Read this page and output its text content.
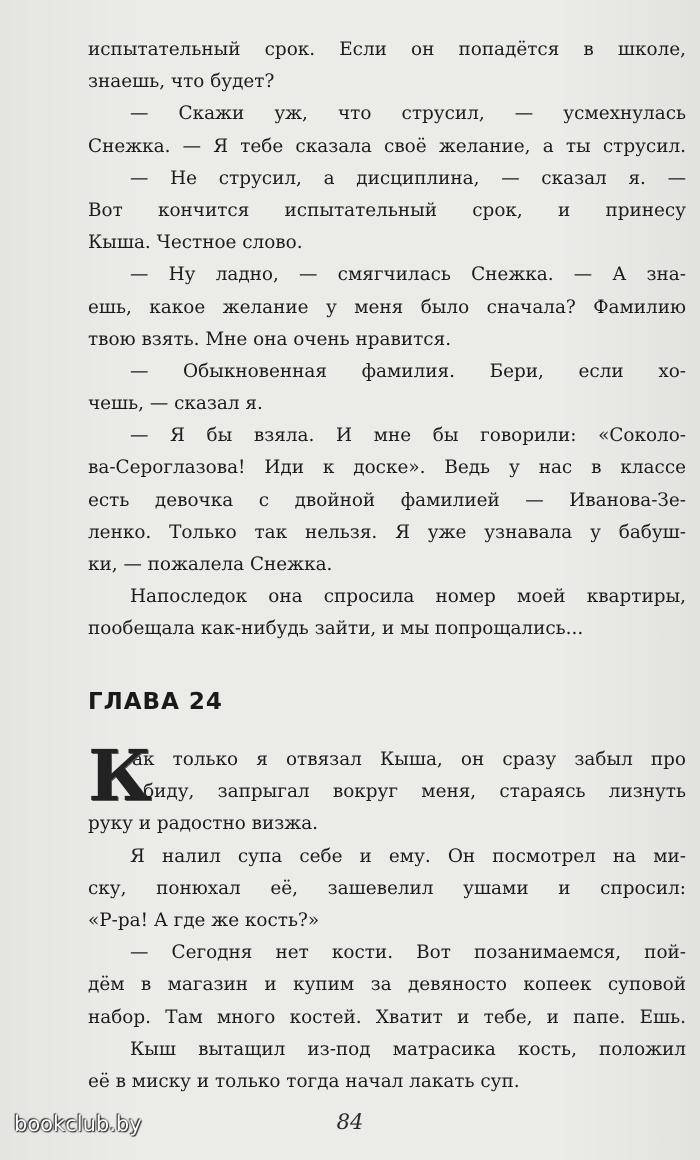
испытательный срок. Если он попадётся в школе,
знаешь, что будет?
— Скажи уж, что струсил, — усмехнулась
Снежка. — Я тебе сказала своё желание, а ты струсил.
— Не струсил, а дисциплина, — сказал я. —
Вот кончится испытательный срок, и принесу
Кыша. Честное слово.
— Ну ладно, — смягчилась Снежка. — А зна-
ешь, какое желание у меня было сначала? Фамилию
твою взять. Мне она очень нравится.
— Обыкновенная фамилия. Бери, если хо-
чешь, — сказал я.
— Я бы взяла. И мне бы говорили: «Соколо-
ва-Сероглазова! Иди к доске». Ведь у нас в классе
есть девочка с двойной фамилией — Иванова-Зе-
ленко. Только так нельзя. Я уже узнавала у бабуш-
ки, — пожалела Снежка.
Напоследок она спросила номер моей квартиры,
пообещала как-нибудь зайти, и мы попрощались...
ГЛАВА 24
К
ак только я отвязал Кыша, он сразу забыл про
обиду, запрыгал вокруг меня, стараясь лизнуть
руку и радостно визжа.
Я налил супа себе и ему. Он посмотрел на ми-
ску, понюхал её, зашевелил ушами и спросил:
«Р-ра! А где же кость?»
— Сегодня нет кости. Вот позанимаемся, пой-
дём в магазин и купим за девяносто копеек суповой
набор. Там много костей. Хватит и тебе, и папе. Ешь.
Кыш вытащил из-под матрасика кость, положил
её в миску и только тогда начал лакать суп.
84
bookclub.by
